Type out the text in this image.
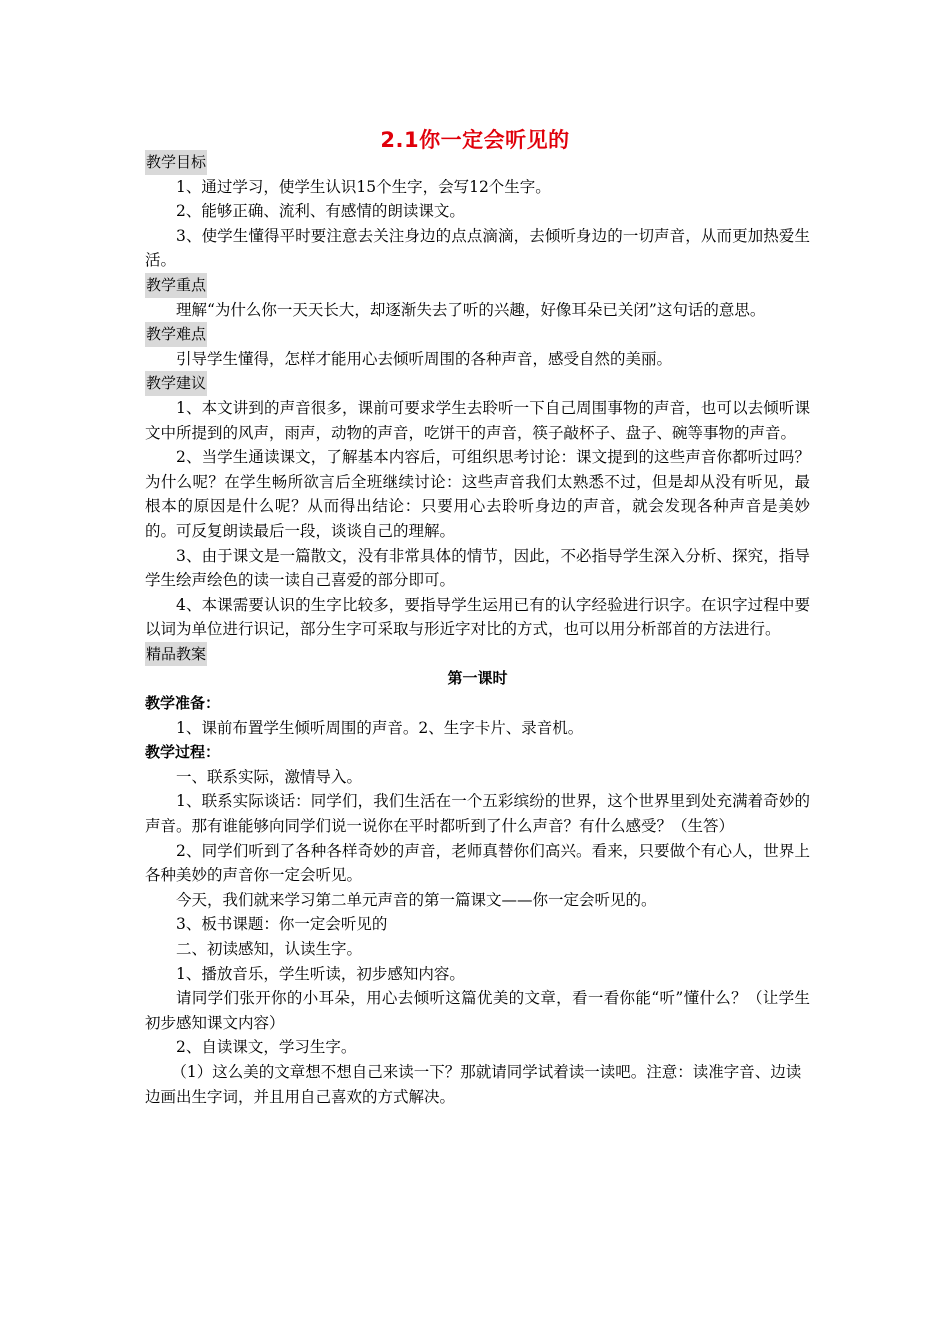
2.1你一定会听见的
教学目标

1、通过学习，使学生认识15个生字，会写12个生字。

2、能够正确、流利、有感情的朗读课文。

3、使学生懂得平时要注意去关注身边的点点滴滴，去倾听身边的一切声音，从而更加热爱生活。

教学重点

理解“为什么你一天天长大，却逐渐失去了听的兴趣，好像耳朵已关闭”这句话的意思。

教学难点

引导学生懂得，怎样才能用心去倾听周围的各种声音，感受自然的美丽。

教学建议

1、本文讲到的声音很多，课前可要求学生去聆听一下自己周围事物的声音，也可以去倾听课文中所提到的风声，雨声，动物的声音，吃饼干的声音，筷子敲杯子、盘子、碗等事物的声音。

2、当学生通读课文，了解基本内容后，可组织思考讨论：课文提到的这些声音你都听过吗？为什么呢？在学生畅所欲言后全班继续讨论：这些声音我们太熟悉不过，但是却从没有听见，最根本的原因是什么呢？从而得出结论：只要用心去聆听身边的声音，就会发现各种声音是美妙的。可反复朗读最后一段，谈谈自己的理解。

3、由于课文是一篇散文，没有非常具体的情节，因此，不必指导学生深入分析、探究，指导学生绘声绘色的读一读自己喜爱的部分即可。

4、本课需要认识的生字比较多，要指导学生运用已有的认字经验进行识字。在识字过程中要以词为单位进行识记，部分生字可采取与形近字对比的方式，也可以用分析部首的方法进行。

精品教案
第一课时
教学准备：

1、课前布置学生倾听周围的声音。2、生字卡片、录音机。

教学过程：

一、联系实际，激情导入。

1、联系实际谈话：同学们，我们生活在一个五彩缤纷的世界，这个世界里到处充满着奇妙的声音。那有谁能够向同学们说一说你在平时都听到了什么声音？有什么感受？（生答）

2、同学们听到了各种各样奇妙的声音，老师真替你们高兴。看来，只要做个有心人，世界上各种美妙的声音你一定会听见。

今天，我们就来学习第二单元声音的第一篇课文——你一定会听见的。

3、板书课题：你一定会听见的

二、初读感知，认读生字。

1、播放音乐，学生听读，初步感知内容。

请同学们张开你的小耳朵，用心去倾听这篇优美的文章，看一看你能“听”懂什么？（让学生初步感知课文内容）

2、自读课文，学习生字。

（1）这么美的文章想不想自己来读一下？那就请同学试着读一读吧。注意：读准字音、边读边画出生字词，并且用自己喜欢的方式解决。
